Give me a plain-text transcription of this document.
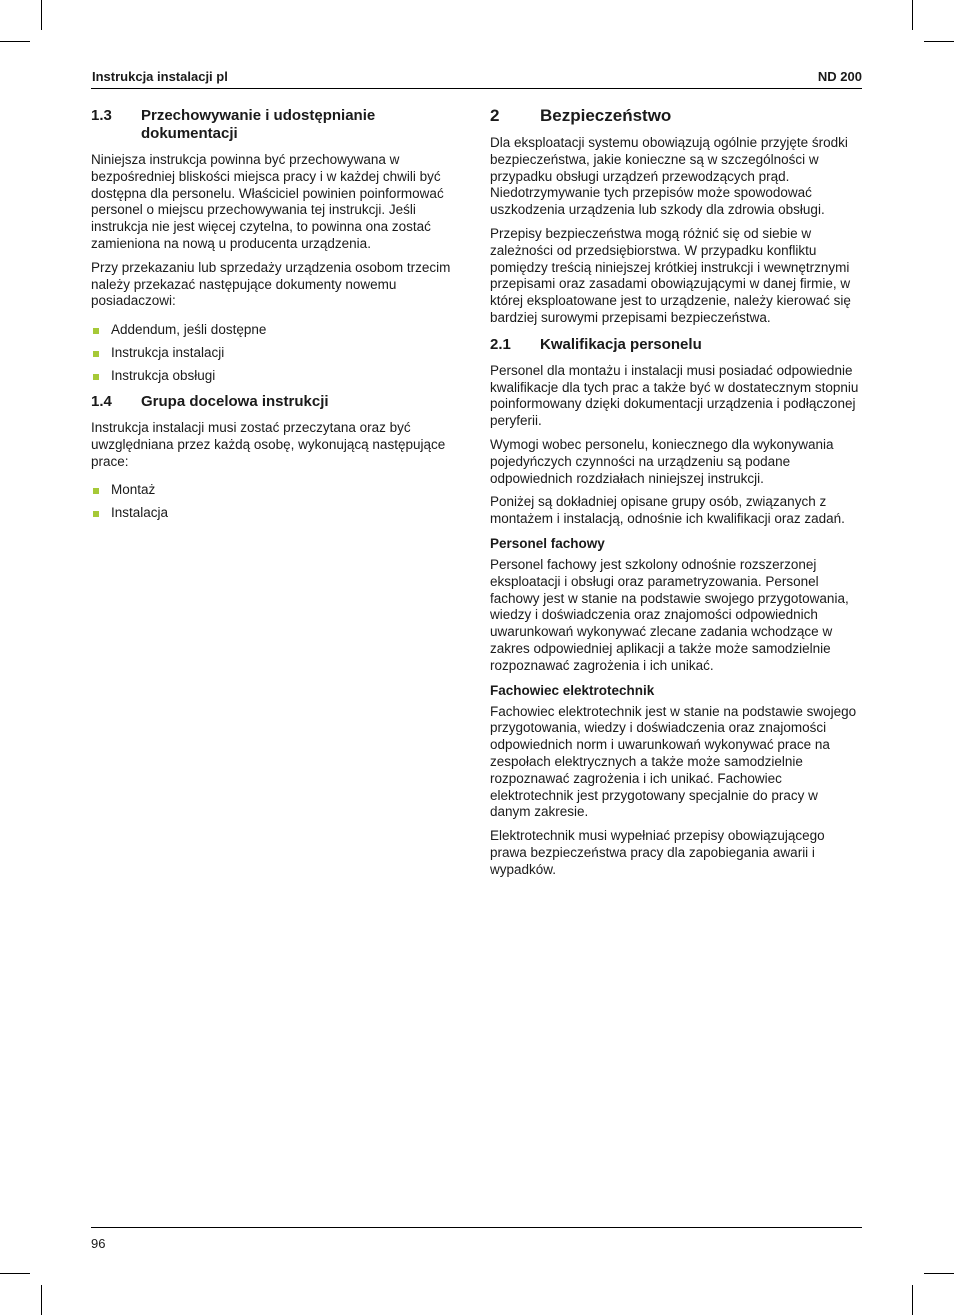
Instrukcja instalacji pl	ND 200
1.3	Przechowywanie i udostępnianie dokumentacji

Niniejsza instrukcja powinna być przechowywana w bezpośredniej bliskości miejsca pracy i w każdej chwili być dostępna dla personelu. Właściciel powinien poinformować personel o miejscu przechowywania tej instrukcji. Jeśli instrukcja nie jest więcej czytelna, to powinna ona zostać zamieniona na nową u producenta urządzenia.

Przy przekazaniu lub sprzedaży urządzenia osobom trzecim należy przekazać następujące dokumenty nowemu posiadaczowi:

Addendum, jeśli dostępne
Instrukcja instalacji
Instrukcja obsługi
1.4	Grupa docelowa instrukcji

Instrukcja instalacji musi zostać przeczytana oraz być uwzględniana przez każdą osobę, wykonującą następujące prace:

Montaż
Instalacja
2	Bezpieczeństwo

Dla eksploatacji systemu obowiązują ogólnie przyjęte środki bezpieczeństwa, jakie konieczne są w szczególności w przypadku obsługi urządzeń przewodzących prąd. Niedotrzymywanie tych przepisów może spowodować uszkodzenia urządzenia lub szkody dla zdrowia obsługi.

Przepisy bezpieczeństwa mogą różnić się od siebie w zależności od przedsiębiorstwa. W przypadku konfliktu pomiędzy treścią niniejszej krótkiej instrukcji i wewnętrznymi przepisami oraz zasadami obowiązującymi w danej firmie, w której eksploatowane jest to urządzenie, należy kierować się bardziej surowymi przepisami bezpieczeństwa.

2.1	Kwalifikacja personelu

Personel dla montażu i instalacji musi posiadać odpowiednie kwalifikacje dla tych prac a także być w dostatecznym stopniu poinformowany dzięki dokumentacji urządzenia i podłączonej peryferii.

Wymogi wobec personelu, koniecznego dla wykonywania pojedyńczych czynności na urządzeniu są podane odpowiednich rozdziałach niniejszej instrukcji.

Poniżej są dokładniej opisane grupy osób, związanych z montażem i instalacją, odnośnie ich kwalifikacji oraz zadań.

Personel fachowy

Personel fachowy jest szkolony odnośnie rozszerzonej eksploatacji i obsługi oraz parametryzowania. Personel fachowy jest w stanie na podstawie swojego przygotowania, wiedzy i doświadczenia oraz znajomości odpowiednich uwarunkowań wykonywać zlecane zadania wchodzące w zakres odpowiedniej aplikacji a także może samodzielnie rozpoznawać zagrożenia i ich unikać.

Fachowiec elektrotechnik

Fachowiec elektrotechnik jest w stanie na podstawie swojego przygotowania, wiedzy i doświadczenia oraz znajomości odpowiednich norm i uwarunkowań wykonywać prace na zespołach elektrycznych a także może samodzielnie rozpoznawać zagrożenia i ich unikać. Fachowiec elektrotechnik jest przygotowany specjalnie do pracy w danym zakresie.

Elektrotechnik musi wypełniać przepisy obowiązującego prawa bezpieczeństwa pracy dla zapobiegania awarii i wypadków.

96
